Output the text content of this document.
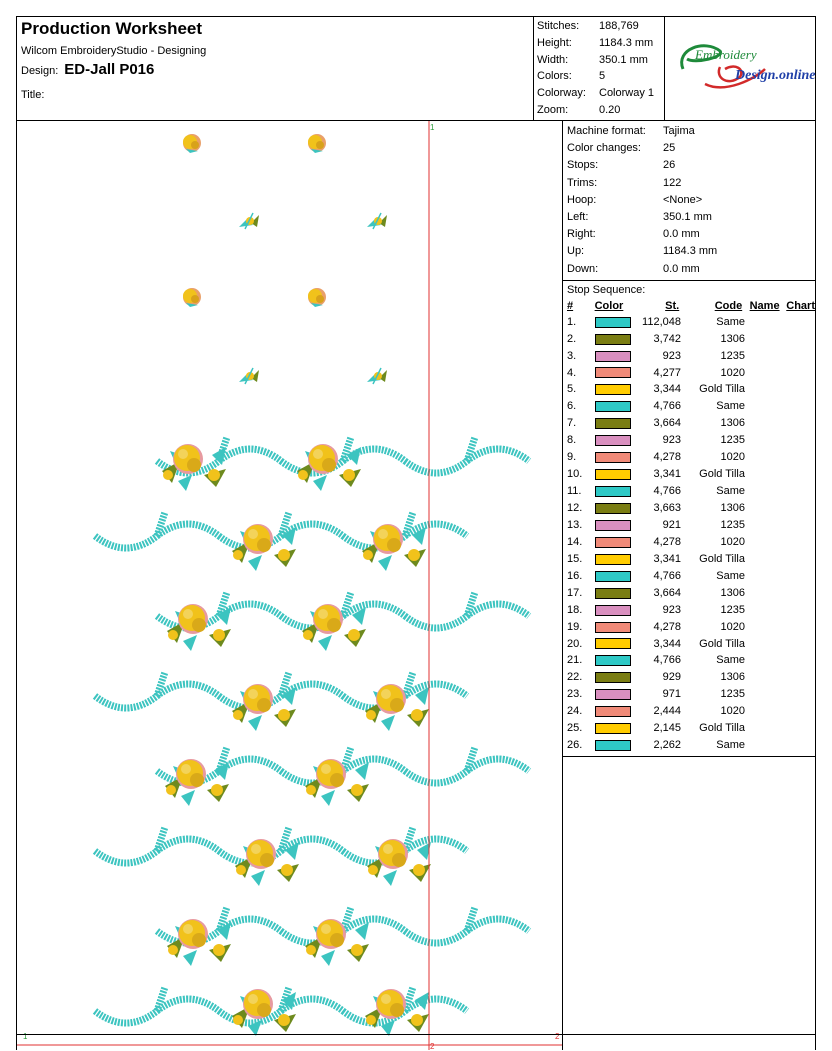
Production Worksheet
Wilcom EmbroideryStudio - Designing
Design: ED-Jall P016
Title:
Stitches:	188,769
Height:	1184.3 mm
Width:	350.1 mm
Colors:	5
Colorway:	Colorway 1
Zoom:	0.20
Embroidery
Design.online
1
2
1	2
Machine format:	Tajima
Color changes:	25
Stops:	26
Trims:	122
Hoop:	<None>
Left:	350.1 mm
Right:	0.0 mm
Up:	1184.3 mm
Down:	0.0 mm
Stop Sequence:
#	Color	St.	Code Name Chart
1.	112,048	Same
2.	3,742	1306
3.	923	1235
4.	4,277	1020
5.	3,344	Gold Tilla
6.	4,766	Same
7.	3,664	1306
8.	923	1235
9.	4,278	1020
10.	3,341	Gold Tilla
11.	4,766	Same
12.	3,663	1306
13.	921	1235
14.	4,278	1020
15.	3,341	Gold Tilla
16.	4,766	Same
17.	3,664	1306
18.	923	1235
19.	4,278	1020
20.	3,344	Gold Tilla
21.	4,766	Same
22.	929	1306
23.	971	1235
24.	2,444	1020
25.	2,145	Gold Tilla
26.	2,262	Same
